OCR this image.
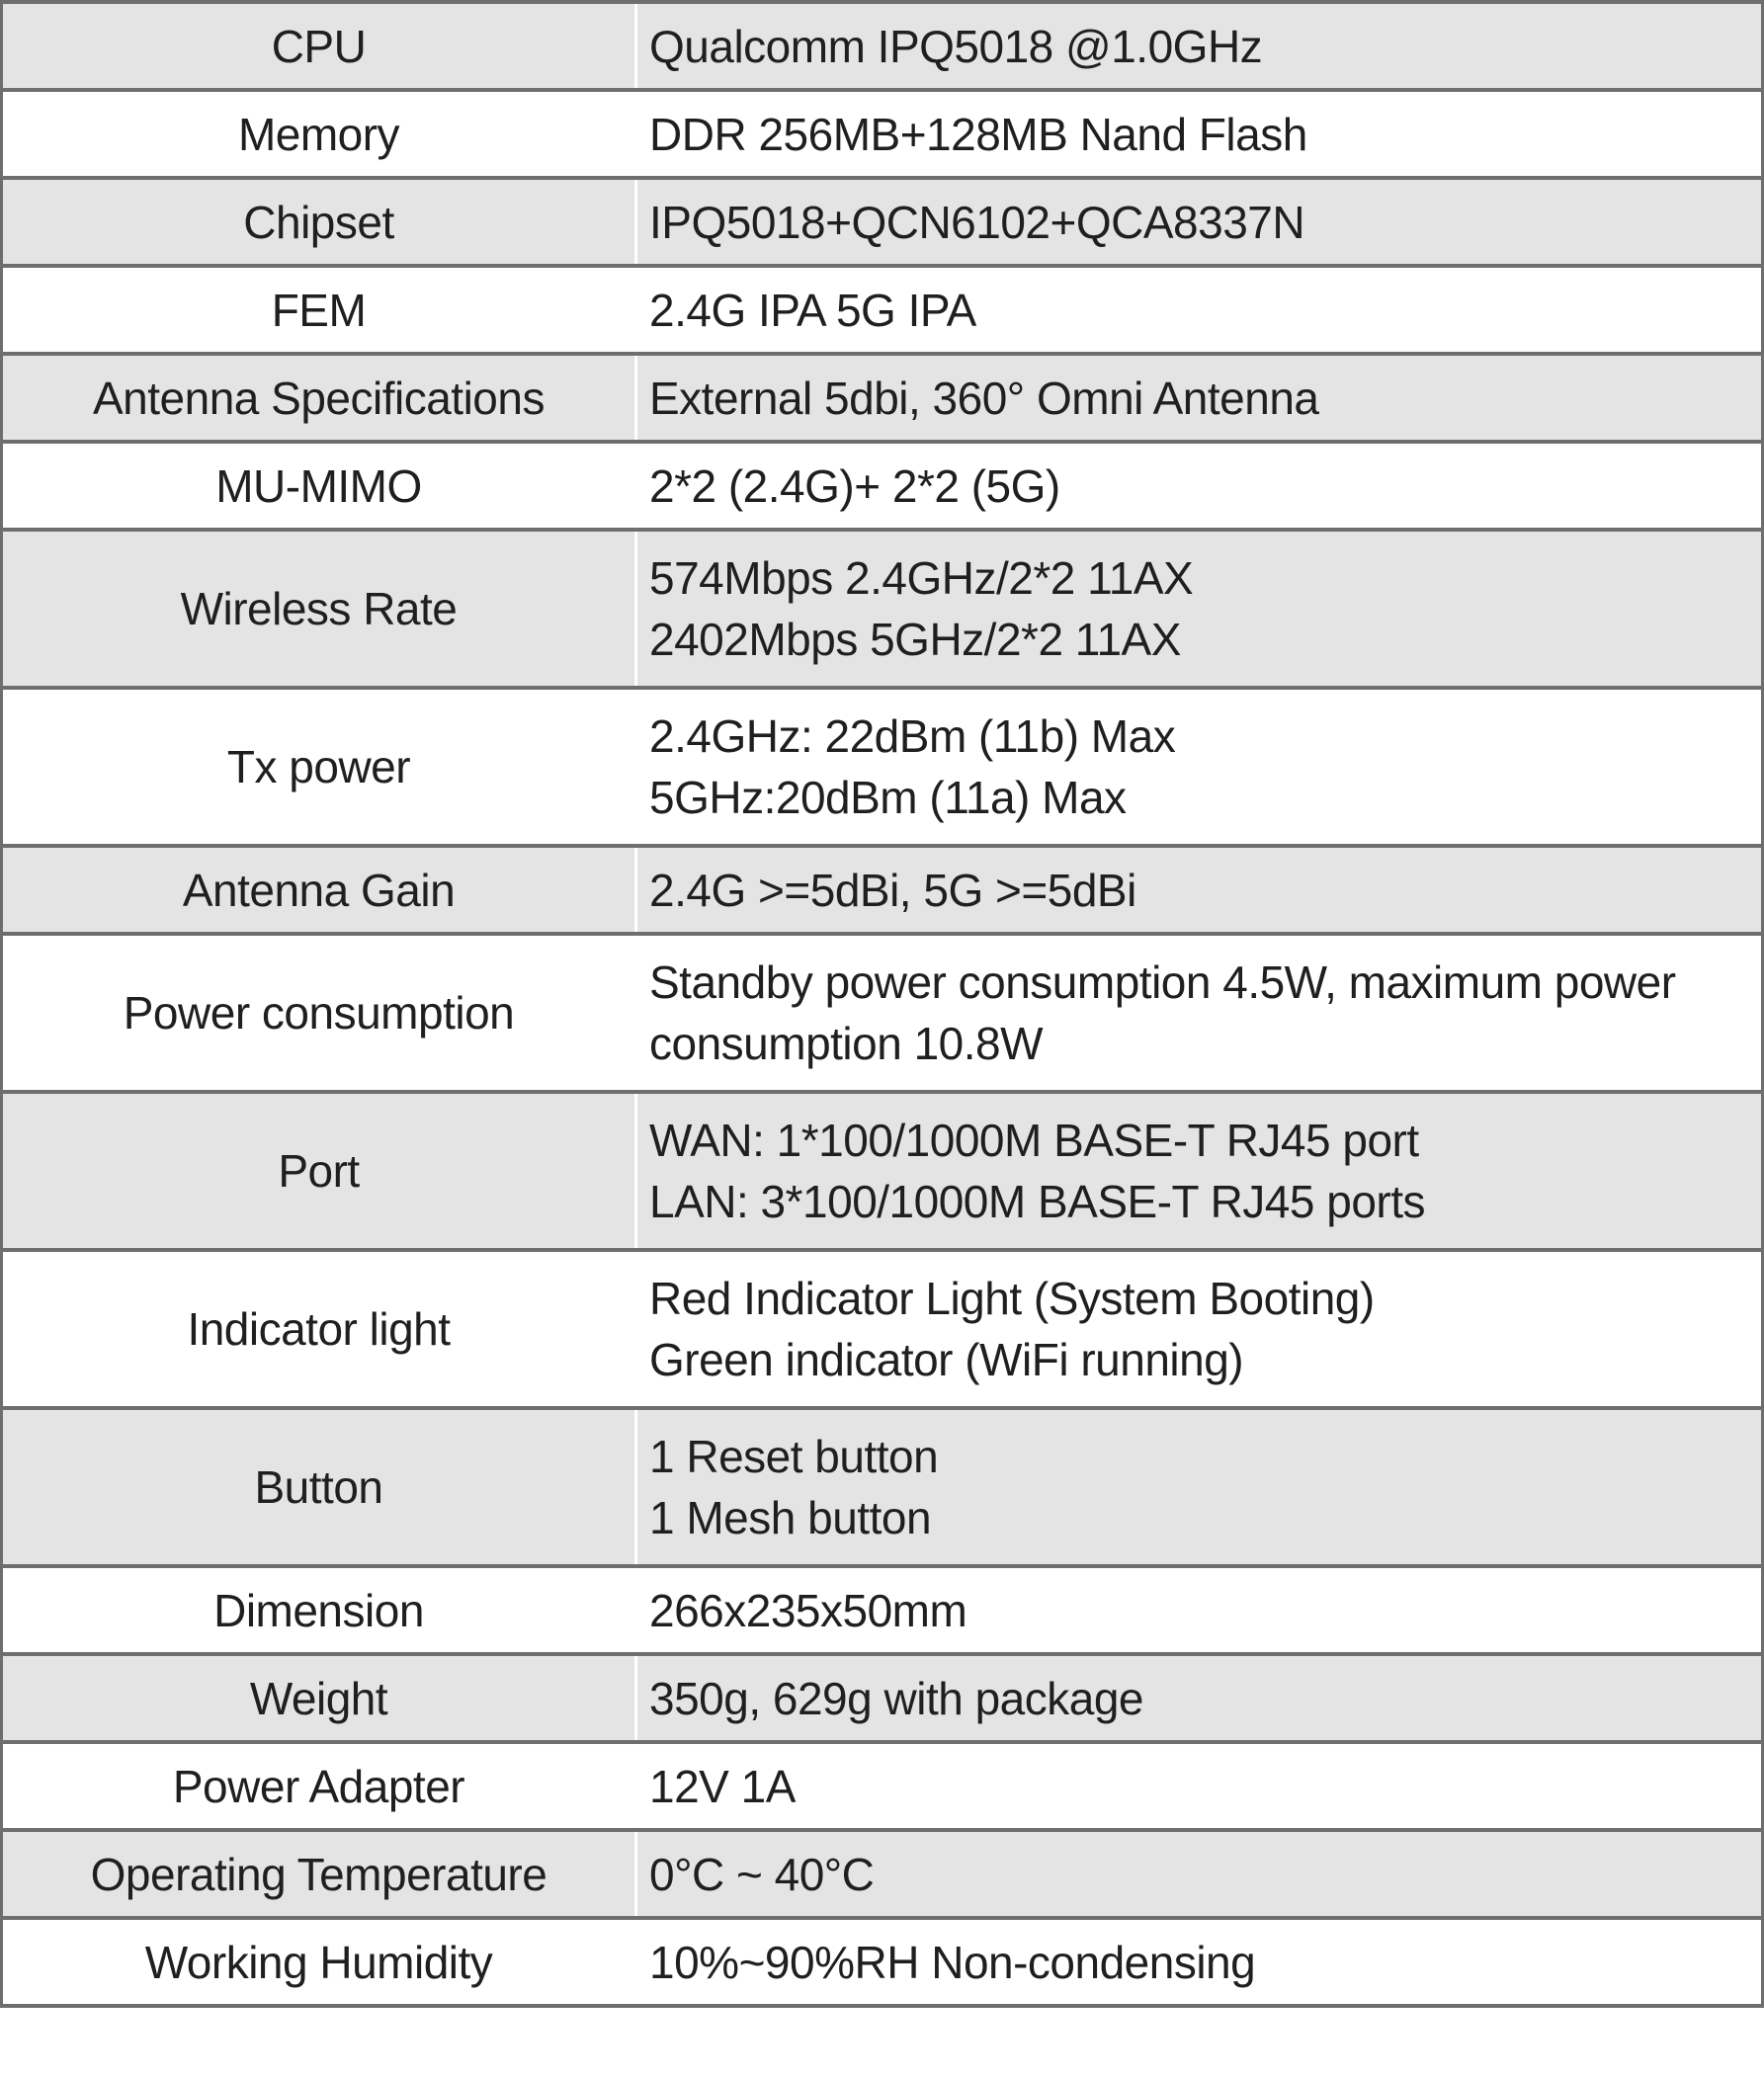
CPU	Qualcomm IPQ5018 @1.0GHz

Memory	DDR 256MB+128MB Nand Flash

Chipset	IPQ5018+QCN6102+QCA8337N

FEM	2.4G IPA 5G IPA

Antenna Specifications	External 5dbi, 360° Omni Antenna

MU-MIMO	2*2 (2.4G)+ 2*2 (5G)

Wireless Rate	574Mbps 2.4GHz/2*2 11AX
2402Mbps 5GHz/2*2 11AX

Tx power	2.4GHz: 22dBm (11b) Max
5GHz:20dBm (11a) Max

Antenna Gain	2.4G >=5dBi, 5G >=5dBi

Power consumption	Standby power consumption 4.5W, maximum power
consumption 10.8W

Port	WAN: 1*100/1000M BASE-T RJ45 port
LAN: 3*100/1000M BASE-T RJ45 ports

Indicator light	Red Indicator Light (System Booting)
Green indicator (WiFi running)

Button	1 Reset button
1 Mesh button

Dimension	266x235x50mm

Weight	350g, 629g with package

Power Adapter	12V 1A

Operating Temperature	0°C ~ 40°C

Working Humidity	10%~90%RH Non-condensing
